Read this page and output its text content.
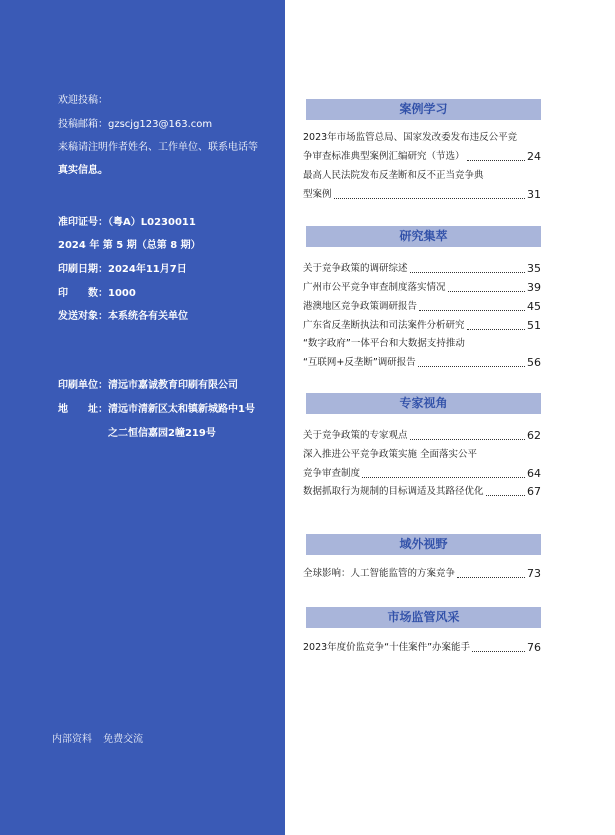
欢迎投稿：
投稿邮箱：gzscjg123@163.com
来稿请注明作者姓名、工作单位、联系电话等
真实信息。
准印证号：（粤A）L0230011
2024 年 第 5 期（总第 8 期）
印刷日期：2024年11月7日
印　　数：1000
发送对象：本系统各有关单位
印刷单位：清远市嘉诚教育印刷有限公司
地　　址：清远市清新区太和镇新城路中1号
之二恒信嘉园2幢219号
内部资料 免费交流
案例学习
2023年市场监管总局、国家发改委发布违反公平竞
争审查标准典型案例汇编研究（节选）	24
最高人民法院发布反垄断和反不正当竞争典
型案例	31
研究集萃
关于竞争政策的调研综述	35
广州市公平竞争审查制度落实情况	39
港澳地区竞争政策调研报告	45
广东省反垄断执法和司法案件分析研究	51
“数字政府”一体平台和大数据支持推动
“互联网+反垄断”调研报告	56
专家视角
关于竞争政策的专家观点	62
深入推进公平竞争政策实施 全面落实公平
竞争审查制度	64
数据抓取行为规制的目标调适及其路径优化	67
域外视野
全球影响：人工智能监管的方案竞争	73
市场监管风采
2023年度价监竞争“十佳案件”办案能手	76
